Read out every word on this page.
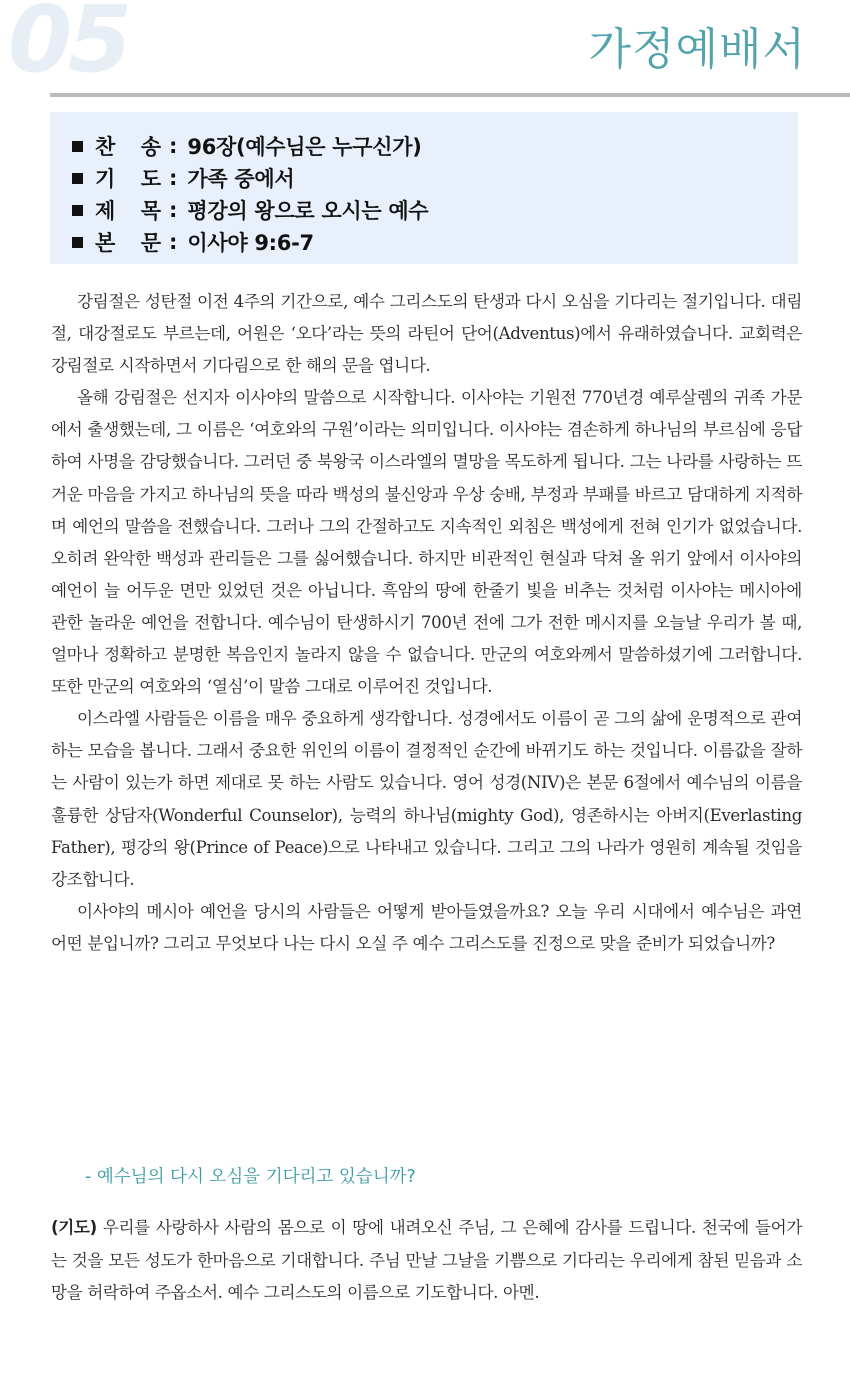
05	가정예배서
찬 송 : 96장(예수님은 누구신가)
기 도 : 가족 중에서
제 목 : 평강의 왕으로 오시는 예수
본 문 : 이사야 9:6-7

강림절은 성탄절 이전 4주의 기간으로, 예수 그리스도의 탄생과 다시 오심을 기다리는 절기입니다. 대림절, 대강절로도 부르는데, 어원은 ‘오다’라는 뜻의 라틴어 단어(Adventus)에서 유래하였습니다. 교회력은 강림절로 시작하면서 기다림으로 한 해의 문을 엽니다.

올해 강림절은 선지자 이사야의 말씀으로 시작합니다. 이사야는 기원전 770년경 예루살렘의 귀족 가문에서 출생했는데, 그 이름은 ‘여호와의 구원’이라는 의미입니다. 이사야는 겸손하게 하나님의 부르심에 응답하여 사명을 감당했습니다. 그러던 중 북왕국 이스라엘의 멸망을 목도하게 됩니다. 그는 나라를 사랑하는 뜨거운 마음을 가지고 하나님의 뜻을 따라 백성의 불신앙과 우상 숭배, 부정과 부패를 바르고 담대하게 지적하며 예언의 말씀을 전했습니다. 그러나 그의 간절하고도 지속적인 외침은 백성에게 전혀 인기가 없었습니다. 오히려 완악한 백성과 관리들은 그를 싫어했습니다. 하지만 비관적인 현실과 닥쳐 올 위기 앞에서 이사야의 예언이 늘 어두운 면만 있었던 것은 아닙니다. 흑암의 땅에 한줄기 빛을 비추는 것처럼 이사야는 메시아에 관한 놀라운 예언을 전합니다. 예수님이 탄생하시기 700년 전에 그가 전한 메시지를 오늘날 우리가 볼 때, 얼마나 정확하고 분명한 복음인지 놀라지 않을 수 없습니다. 만군의 여호와께서 말씀하셨기에 그러합니다. 또한 만군의 여호와의 ‘열심’이 말씀 그대로 이루어진 것입니다.

이스라엘 사람들은 이름을 매우 중요하게 생각합니다. 성경에서도 이름이 곧 그의 삶에 운명적으로 관여하는 모습을 봅니다. 그래서 중요한 위인의 이름이 결정적인 순간에 바뀌기도 하는 것입니다. 이름값을 잘하는 사람이 있는가 하면 제대로 못 하는 사람도 있습니다. 영어 성경(NIV)은 본문 6절에서 예수님의 이름을 훌륭한 상담자(Wonderful Counselor), 능력의 하나님(mighty God), 영존하시는 아버지(Everlasting Father), 평강의 왕(Prince of Peace)으로 나타내고 있습니다. 그리고 그의 나라가 영원히 계속될 것임을 강조합니다.

이사야의 메시아 예언을 당시의 사람들은 어떻게 받아들였을까요? 오늘 우리 시대에서 예수님은 과연 어떤 분입니까? 그리고 무엇보다 나는 다시 오실 주 예수 그리스도를 진정으로 맞을 준비가 되었습니까?

- 예수님의 다시 오심을 기다리고 있습니까?
(기도) 우리를 사랑하사 사람의 몸으로 이 땅에 내려오신 주님, 그 은혜에 감사를 드립니다. 천국에 들어가는 것을 모든 성도가 한마음으로 기대합니다. 주님 만날 그날을 기쁨으로 기다리는 우리에게 참된 믿음과 소망을 허락하여 주옵소서. 예수 그리스도의 이름으로 기도합니다. 아멘.
